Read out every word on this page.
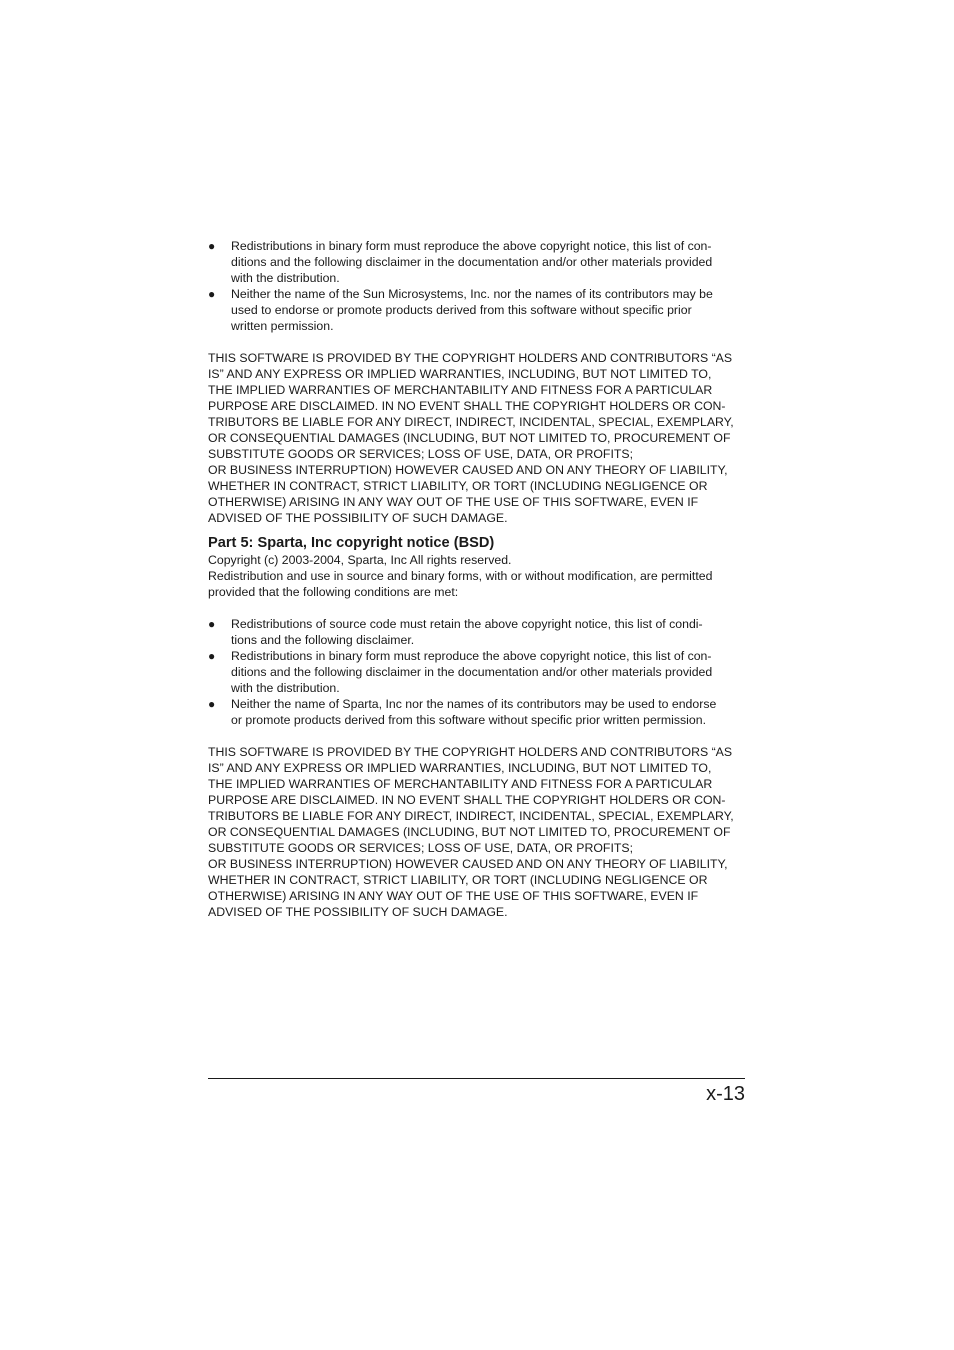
● Redistributions in binary form must reproduce the above copyright notice, this list of con-
ditions and the following disclaimer in the documentation and/or other materials provided
with the distribution.
● Neither the name of the Sun Microsystems, Inc. nor the names of its contributors may be
used to endorse or promote products derived from this software without specific prior
written permission.
THIS SOFTWARE IS PROVIDED BY THE COPYRIGHT HOLDERS AND CONTRIBUTORS “AS
IS” AND ANY EXPRESS OR IMPLIED WARRANTIES, INCLUDING, BUT NOT LIMITED TO,
THE IMPLIED WARRANTIES OF MERCHANTABILITY AND FITNESS FOR A PARTICULAR
PURPOSE ARE DISCLAIMED. IN NO EVENT SHALL THE COPYRIGHT HOLDERS OR CON-
TRIBUTORS BE LIABLE FOR ANY DIRECT, INDIRECT, INCIDENTAL, SPECIAL, EXEMPLARY,
OR CONSEQUENTIAL DAMAGES (INCLUDING, BUT NOT LIMITED TO, PROCUREMENT OF
SUBSTITUTE GOODS OR SERVICES; LOSS OF USE, DATA, OR PROFITS;
OR BUSINESS INTERRUPTION) HOWEVER CAUSED AND ON ANY THEORY OF LIABILITY,
WHETHER IN CONTRACT, STRICT LIABILITY, OR TORT (INCLUDING NEGLIGENCE OR
OTHERWISE) ARISING IN ANY WAY OUT OF THE USE OF THIS SOFTWARE, EVEN IF
ADVISED OF THE POSSIBILITY OF SUCH DAMAGE.
Part 5: Sparta, Inc copyright notice (BSD)
Copyright (c) 2003-2004, Sparta, Inc All rights reserved.
Redistribution and use in source and binary forms, with or without modification, are permitted
provided that the following conditions are met:
● Redistributions of source code must retain the above copyright notice, this list of condi-
tions and the following disclaimer.
● Redistributions in binary form must reproduce the above copyright notice, this list of con-
ditions and the following disclaimer in the documentation and/or other materials provided
with the distribution.
● Neither the name of Sparta, Inc nor the names of its contributors may be used to endorse
or promote products derived from this software without specific prior written permission.
THIS SOFTWARE IS PROVIDED BY THE COPYRIGHT HOLDERS AND CONTRIBUTORS “AS
IS” AND ANY EXPRESS OR IMPLIED WARRANTIES, INCLUDING, BUT NOT LIMITED TO,
THE IMPLIED WARRANTIES OF MERCHANTABILITY AND FITNESS FOR A PARTICULAR
PURPOSE ARE DISCLAIMED. IN NO EVENT SHALL THE COPYRIGHT HOLDERS OR CON-
TRIBUTORS BE LIABLE FOR ANY DIRECT, INDIRECT, INCIDENTAL, SPECIAL, EXEMPLARY,
OR CONSEQUENTIAL DAMAGES (INCLUDING, BUT NOT LIMITED TO, PROCUREMENT OF
SUBSTITUTE GOODS OR SERVICES; LOSS OF USE, DATA, OR PROFITS;
OR BUSINESS INTERRUPTION) HOWEVER CAUSED AND ON ANY THEORY OF LIABILITY,
WHETHER IN CONTRACT, STRICT LIABILITY, OR TORT (INCLUDING NEGLIGENCE OR
OTHERWISE) ARISING IN ANY WAY OUT OF THE USE OF THIS SOFTWARE, EVEN IF
ADVISED OF THE POSSIBILITY OF SUCH DAMAGE.
x-13
